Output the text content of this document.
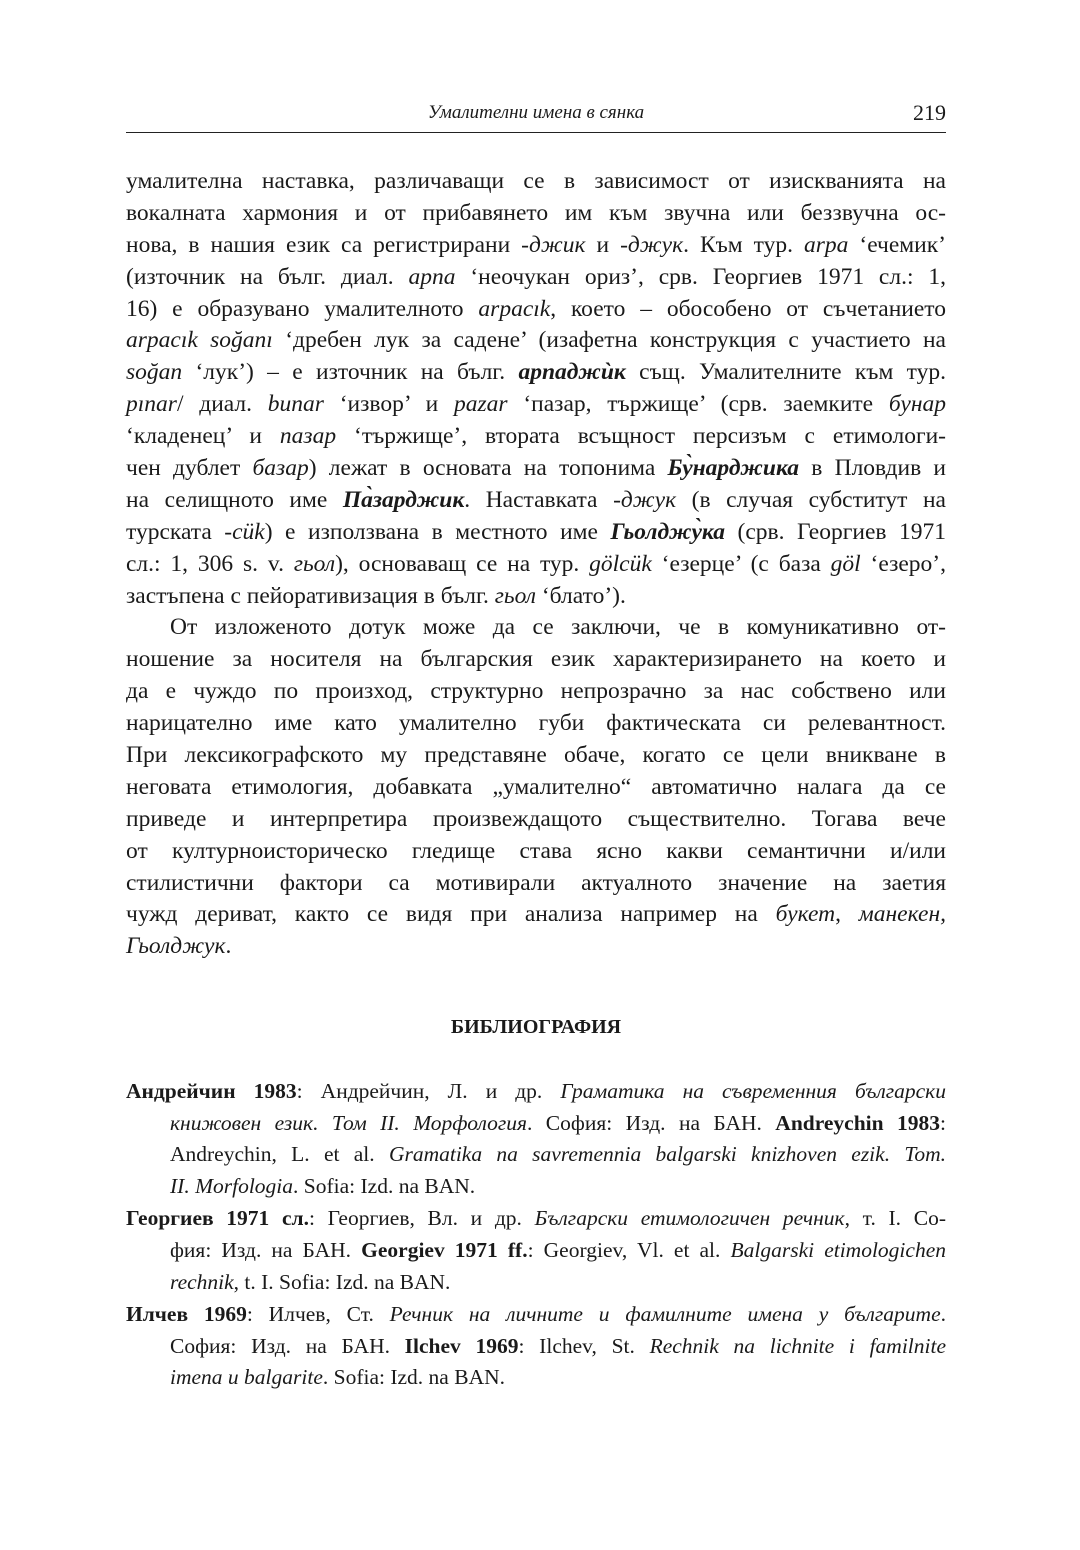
Умалителни имена в сянка	219
умалителна наставка, различаващи се в зависимост от изискванията на
вокалната хармония и от прибавянето им към звучна или беззвучна ос-
нова, в нашия език са регистрирани -джик и -джук. Към тур. arpa ‘ечемик’
(източник на бълг. диал. арпа ‘неочукан ориз’, срв. Георгиев 1971 сл.: 1,
16) е образувано умалителното arpacık, което – обособено от съчетанието
arpacık soğanı ‘дребен лук за садене’ (изафетна конструкция с участието на
soğan ‘лук’) – е източник на бълг. арпаджѝк същ. Умалителните към тур.
pınar/ диал. bunar ‘извор’ и pazar ‘пазар, тържище’ (срв. заемките бунар
‘кладенец’ и пазар ‘тържище’, втората всъщност персизъм с етимологи-
чен дублет базар) лежат в основата на топонима Бу̀нарджика в Пловдив и
на селищното име Па̀зарджик. Наставката -джук (в случая субститут на
турската -cük) е използвана в местното име Гьолджу̀ка (срв. Георгиев 1971
сл.: 1, 306 s. v. гьол), основаващ се на тур. gölcük ‘езерце’ (с база göl ‘езеро’,
застъпена с пейоративизация в бълг. гьол ‘блато’).
От изложеното дотук може да се заключи, че в комуникативно от-
ношение за носителя на българския език характеризирането на което и
да е чуждо по произход, структурно непрозрачно за нас собствено или
нарицателно име като умалително губи фактическата си релевантност.
При лексикографското му представяне обаче, когато се цели вникване в
неговата етимология, добавката „умалително“ автоматично налага да се
приведе и интерпретира произвеждащото съществително. Тогава вече
от културноисторическо гледище става ясно какви семантични и/или
стилистични фактори са мотивирали актуалното значение на заетия
чужд дериват, както се видя при анализа например на букет, манекен,
Гьолджук.
БИБЛИОГРАФИЯ
Андрейчин 1983: Андрейчин, Л. и др. Граматика на съвременния български
книжовен език. Том II. Морфология. София: Изд. на БАН. Andreychin 1983:
Andreychin, L. et al. Gramatika na savremennia balgarski knizhoven ezik. Tom.
II. Morfologia. Sofia: Izd. na BAN.
Георгиев 1971 сл.: Георгиев, Вл. и др. Български етимологичен речник, т. I. Со-
фия: Изд. на БАН. Georgiev 1971 ff.: Georgiev, Vl. et al. Balgarski etimologichen
rechnik, t. I. Sofia: Izd. na BAN.
Илчев 1969: Илчев, Ст. Речник на личните и фамилните имена у българите.
София: Изд. на БАН. Ilchev 1969: Ilchev, St. Rechnik na lichnite i familnite
imena u balgarite. Sofia: Izd. na BAN.
